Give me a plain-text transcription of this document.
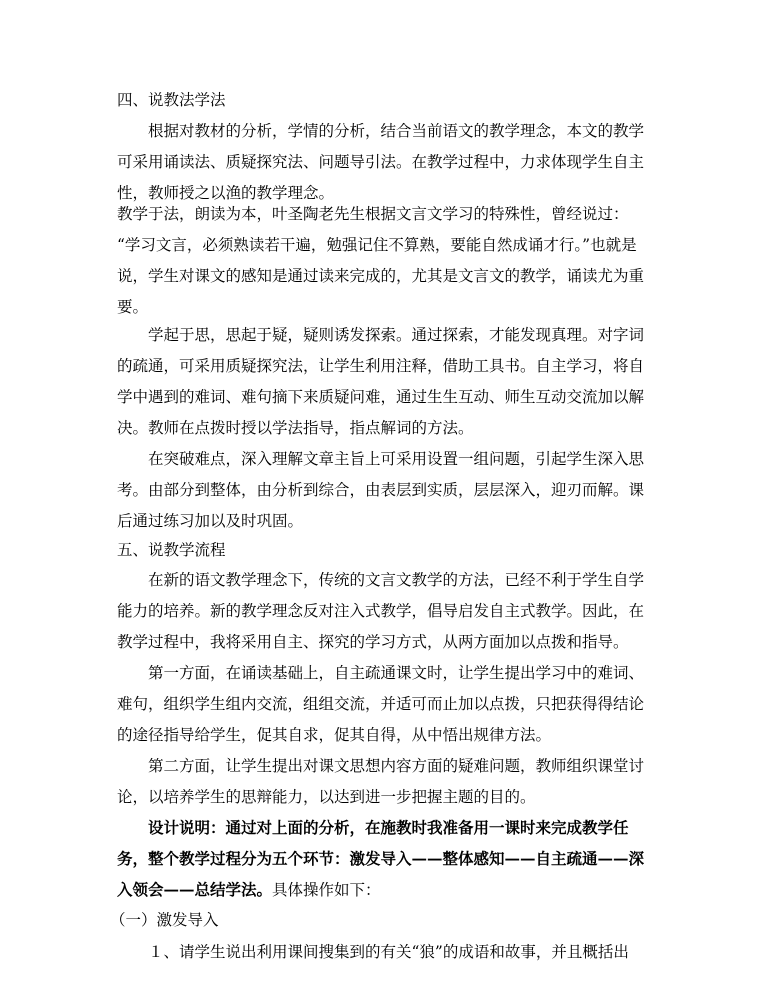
四、说教法学法
根据对教材的分析，学情的分析，结合当前语文的教学理念，本文的教学
可采用诵读法、质疑探究法、问题导引法。在教学过程中，力求体现学生自主
性，教师授之以渔的教学理念。
教学于法，朗读为本，叶圣陶老先生根据文言文学习的特殊性，曾经说过：
“学习文言，必须熟读若干遍，勉强记住不算熟，要能自然成诵才行。”也就是
说，学生对课文的感知是通过读来完成的，尤其是文言文的教学，诵读尤为重
要。
学起于思，思起于疑，疑则诱发探索。通过探索，才能发现真理。对字词
的疏通，可采用质疑探究法，让学生利用注释，借助工具书。自主学习，将自
学中遇到的难词、难句摘下来质疑问难，通过生生互动、师生互动交流加以解
决。教师在点拨时授以学法指导，指点解词的方法。
在突破难点，深入理解文章主旨上可采用设置一组问题，引起学生深入思
考。由部分到整体，由分析到综合，由表层到实质，层层深入，迎刃而解。课
后通过练习加以及时巩固。
五、说教学流程
在新的语文教学理念下，传统的文言文教学的方法，已经不利于学生自学
能力的培养。新的教学理念反对注入式教学，倡导启发自主式教学。因此，在
教学过程中，我将采用自主、探究的学习方式，从两方面加以点拨和指导。
第一方面，在诵读基础上，自主疏通课文时，让学生提出学习中的难词、
难句，组织学生组内交流，组组交流，并适可而止加以点拨，只把获得得结论
的途径指导给学生，促其自求，促其自得，从中悟出规律方法。
第二方面，让学生提出对课文思想内容方面的疑难问题，教师组织课堂讨
论，以培养学生的思辩能力，以达到进一步把握主题的目的。
设计说明：通过对上面的分析，在施教时我准备用一课时来完成教学任
务，整个教学过程分为五个环节：激发导入——整体感知——自主疏通——深
入领会——总结学法。具体操作如下：
（一）激发导入
１、请学生说出利用课间搜集到的有关“狼”的成语和故事，并且概括出
